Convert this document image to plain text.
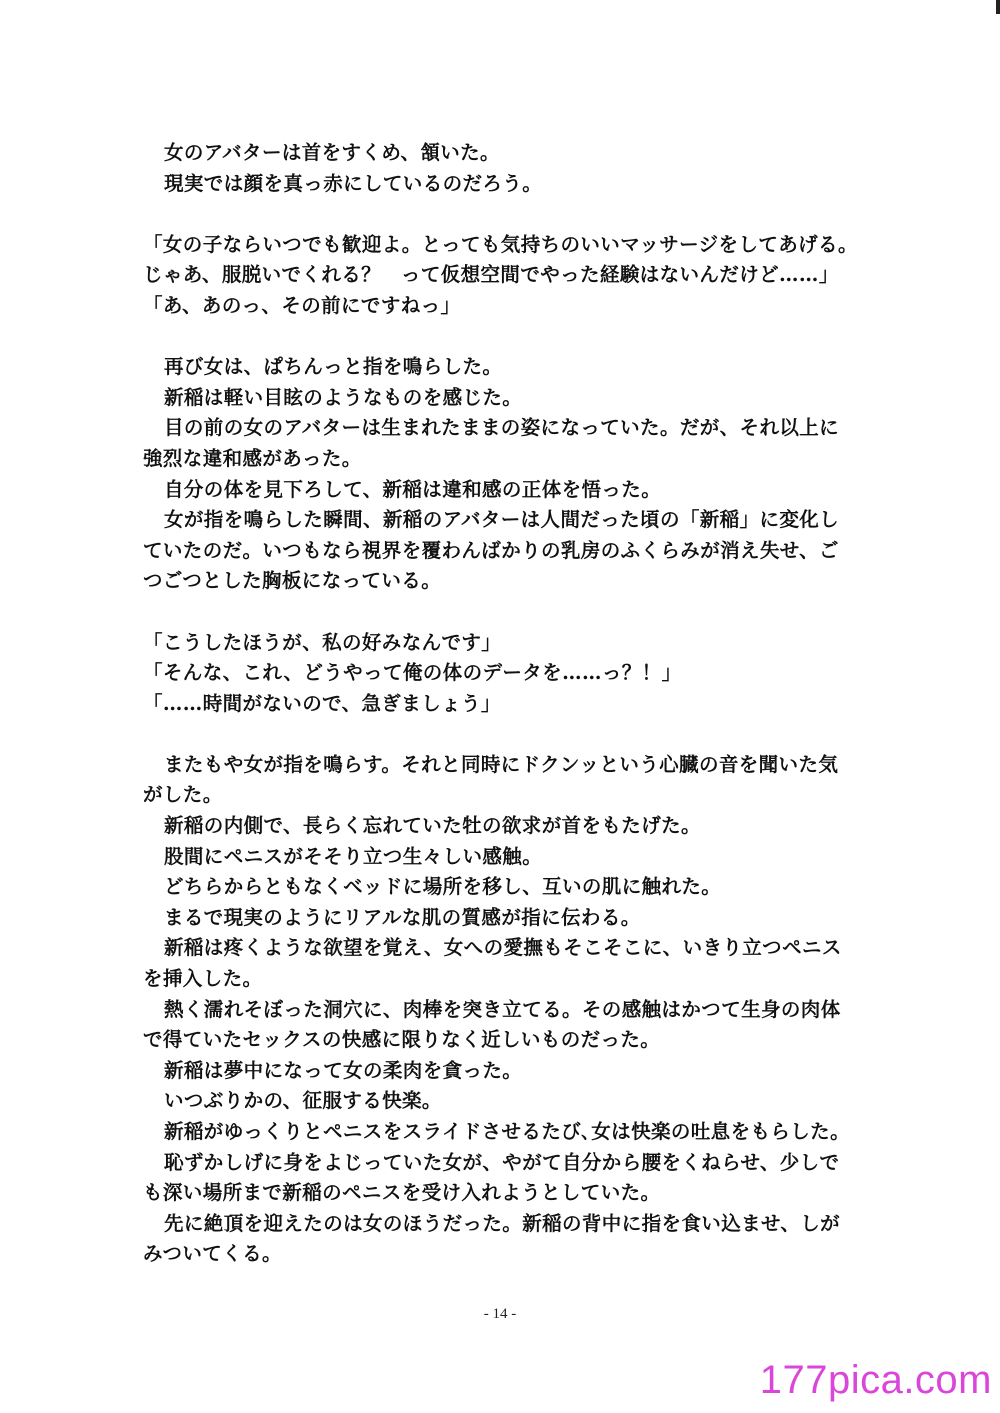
女のアバターは首をすくめ、頷いた。
現実では顔を真っ赤にしているのだろう。
「女の子ならいつでも歓迎よ。とっても気持ちのいいマッサージをしてあげる。
じゃあ、服脱いでくれる？　って仮想空間でやった経験はないんだけど……」
「あ、あのっ、その前にですねっ」
再び女は、ぱちんっと指を鳴らした。
新稲は軽い目眩のようなものを感じた。
目の前の女のアバターは生まれたままの姿になっていた。だが、それ以上に
強烈な違和感があった。
自分の体を見下ろして、新稲は違和感の正体を悟った。
女が指を鳴らした瞬間、新稲のアバターは人間だった頃の「新稲」に変化し
ていたのだ。いつもなら視界を覆わんばかりの乳房のふくらみが消え失せ、ご
つごつとした胸板になっている。
「こうしたほうが、私の好みなんです」
「そんな、これ、どうやって俺の体のデータを……っ？！」
「……時間がないので、急ぎましょう」
またもや女が指を鳴らす。それと同時にドクンッという心臓の音を聞いた気
がした。
新稲の内側で、長らく忘れていた牡の欲求が首をもたげた。
股間にペニスがそそり立つ生々しい感触。
どちらからともなくベッドに場所を移し、互いの肌に触れた。
まるで現実のようにリアルな肌の質感が指に伝わる。
新稲は疼くような欲望を覚え、女への愛撫もそこそこに、いきり立つペニス
を挿入した。
熱く濡れそぼった洞穴に、肉棒を突き立てる。その感触はかつて生身の肉体
で得ていたセックスの快感に限りなく近しいものだった。
新稲は夢中になって女の柔肉を貪った。
いつぶりかの、征服する快楽。
新稲がゆっくりとペニスをスライドさせるたび､女は快楽の吐息をもらした。
恥ずかしげに身をよじっていた女が、やがて自分から腰をくねらせ、少しで
も深い場所まで新稲のペニスを受け入れようとしていた。
先に絶頂を迎えたのは女のほうだった。新稲の背中に指を食い込ませ、しが
みついてくる。
- 14 -
177pica.com
